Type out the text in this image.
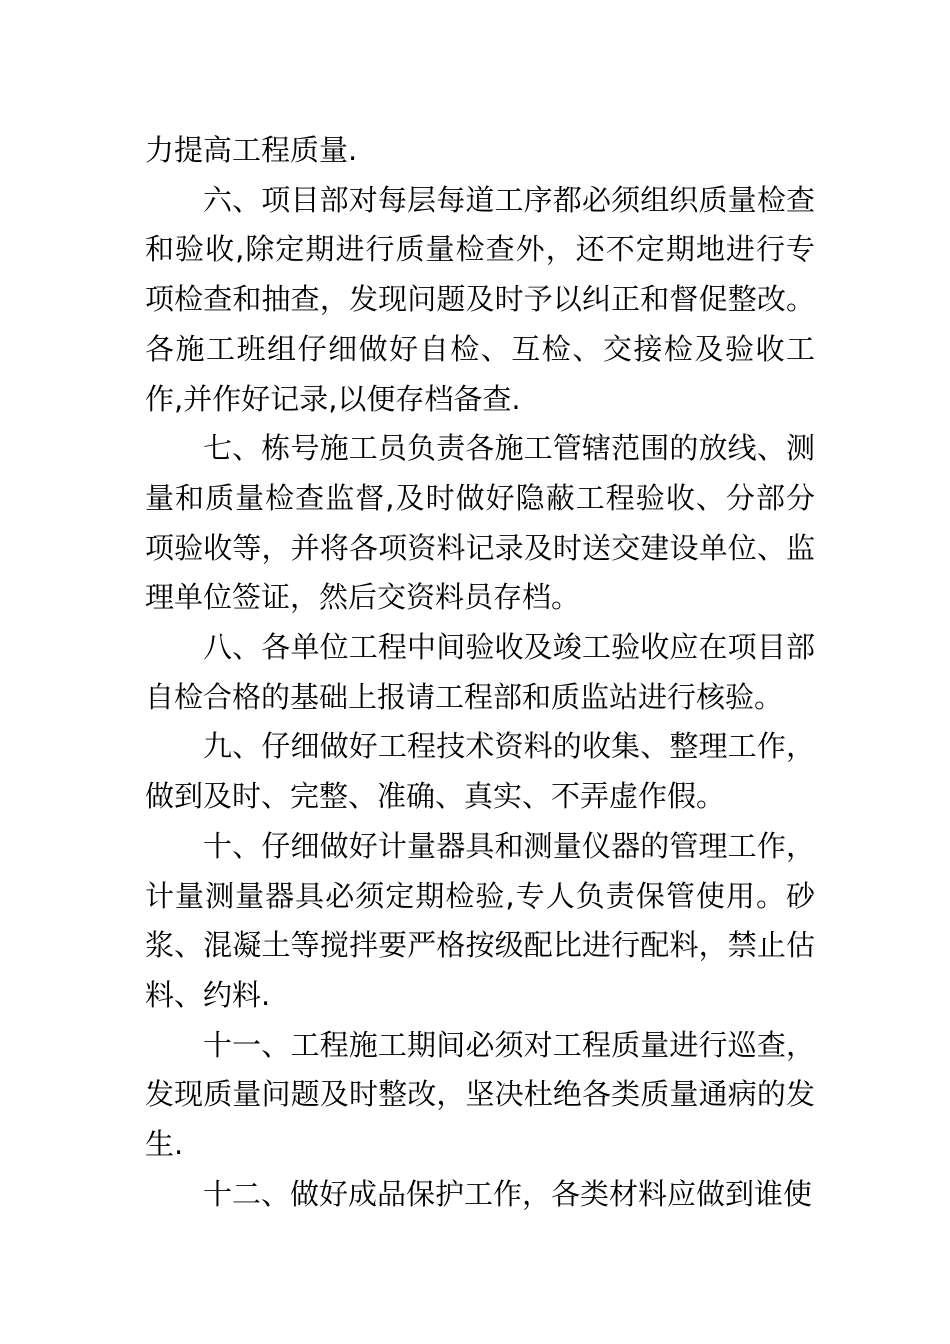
力提高工程质量.

六、项目部对每层每道工序都必须组织质量检查和验收,除定期进行质量检查外，还不定期地进行专项检查和抽查，发现问题及时予以纠正和督促整改。各施工班组仔细做好自检、互检、交接检及验收工作,并作好记录,以便存档备查.

七、栋号施工员负责各施工管辖范围的放线、测量和质量检查监督,及时做好隐蔽工程验收、分部分项验收等，并将各项资料记录及时送交建设单位、监理单位签证，然后交资料员存档。

八、各单位工程中间验收及竣工验收应在项目部自检合格的基础上报请工程部和质监站进行核验。

九、仔细做好工程技术资料的收集、整理工作，做到及时、完整、准确、真实、不弄虚作假。

十、仔细做好计量器具和测量仪器的管理工作，计量测量器具必须定期检验,专人负责保管使用。砂浆、混凝土等搅拌要严格按级配比进行配料，禁止估料、约料.

十一、工程施工期间必须对工程质量进行巡查，发现质量问题及时整改，坚决杜绝各类质量通病的发生.

十二、做好成品保护工作，各类材料应做到谁使
